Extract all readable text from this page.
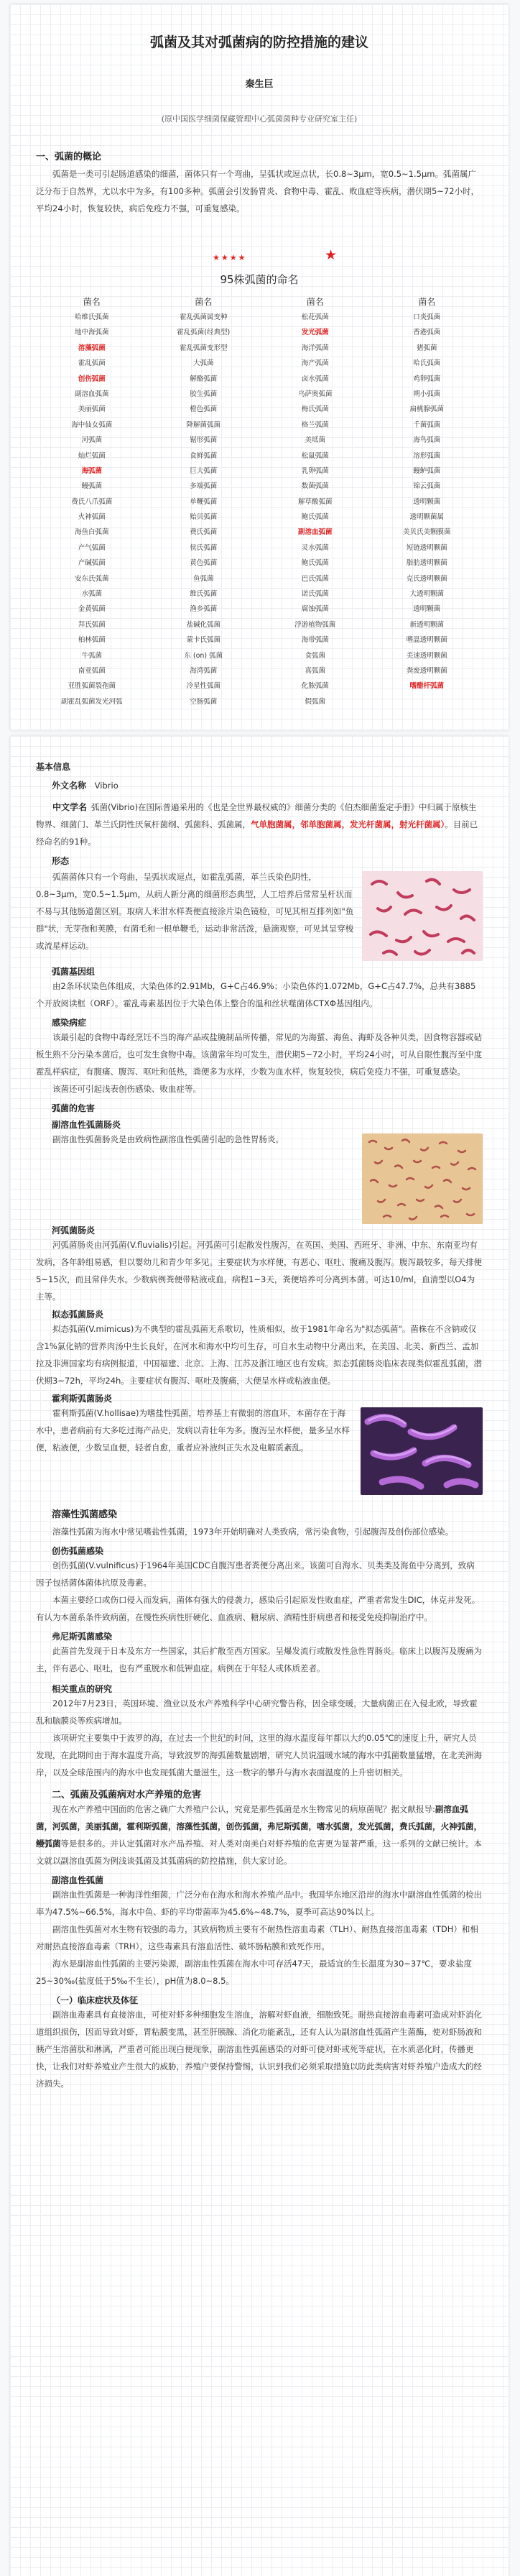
弧菌及其对弧菌病的防控措施的建议

秦生巨

(原中国医学细菌保藏管理中心弧菌菌种专业研究室主任)

一、弧菌的概论

弧菌是一类可引起肠道感染的细菌，菌体只有一个弯曲，呈弧状或逗点状，长0.8~3μm，宽0.5~1.5μm。弧菌属广泛分布于自然界，尤以水中为多，有100多种。弧菌会引发肠胃炎、食物中毒、霍乱、败血症等疾病，潜伏期5~72小时，平均24小时，恢复较快，病后免疫力不强，可重复感染。

★★★★	★

95株弧菌的命名

菌名	菌名	菌名	菌名
哈维氏弧菌	霍乱弧菌属变种	松花弧菌	口炎弧菌
地中海弧菌	霍乱弧菌(经典型)	发光弧菌	香港弧菌
溶藻弧菌	霍乱弧菌变形型	海洋弧菌	猪弧菌
霍乱弧菌	大弧菌	海产弧菌	哈氏弧菌
创伤弧菌	解酪弧菌	卤水弧菌	鸡卵弧菌
副溶血弧菌	胶生弧菌	乌萨奥弧菌	朔小弧菌
美丽弧菌	橙色弧菌	梅氏弧菌	扁桃腺弧菌
海中仙女弧菌	降解菌弧菌	格兰弧菌	千菌弧菌
河弧菌	锯形弧菌	美坻菌	海鸟弧菌
灿烂弧菌	食鲜弧菌	松鼠弧菌	溶形弧菌
海弧菌	巨大弧菌	乳卵弧菌	鳗鲈弧菌
鳗弧菌	多端弧菌	数菌弧菌	锦云弧菌
费氏八爪弧菌	单鞭弧菌	解草酸弧菌	透明颗菌
火神弧菌	贻贝弧菌	鲍氏弧菌	透明颗菌属
海鱼白弧菌	费氏弧菌	副溶血弧菌	美贝氏美颗膜菌
产气弧菌	侯氏弧菌	灵水弧菌	短链透明颗菌
产碱弧菌	黄色弧菌	鲍氏弧菌	脂肪透明颗菌
安东氏弧菌	鱼弧菌	巴氏弧菌	克氏透明颗菌
水弧菌	维氏弧菌	诺氏弧菌	大透明颗菌
金黄弧菌	渔乡弧菌	腐蚀弧菌	透明颗菌
拜氏弧菌	盐碱化弧菌	浮游植物弧菌	新透明颗菌
柏林弧菌	蒙卡氏弧菌	海带弧菌	嗜温透明颗菌
牛弧菌	东 (on) 弧菌	食弧菌	美速透明颗菌
南亚弧菌	海湾弧菌	真弧菌	粪废透明颗菌
亚胜弧菌裂孢菌	冷星性弧菌	化脓弧菌	嗜醋杆弧菌
副霍乱弧菌发光河弧	空肠弧菌	假弧菌

基本信息

外文名称 Vibrio

中文学名 弧菌(Vibrio)在国际普遍采用的《也是全世界最权威的》细菌分类的《伯杰细菌鉴定手册》中归属于原核生物界、细菌门、革兰氏阴性厌氧杆菌纲、弧菌科、弧菌属，气单胞菌属，邻单胞菌属，发光杆菌属，射光杆菌属）。目前已经命名的91种。

形态

弧菌菌体只有一个弯曲，呈弧状或逗点，如霍乱弧菌，革兰氏染色阴性，0.8~3μm，宽0.5~1.5μm，从病人新分离的细菌形态典型，人工培养后常常呈杆状而不易与其他肠道菌区别。取病人米泔水样粪便直接涂片染色镜检，可见其相互排列如"鱼群"状，无芽孢和荚膜，有菌毛和一根单鞭毛，运动非常活泼，悬滴观察，可见其呈穿梭或流星样运动。

弧菌基因组

由2条环状染色体组成，大染色体约2.91Mb，G+C占46.9%；小染色体约1.072Mb，G+C占47.7%，总共有3885个开放阅读框（ORF）。霍乱毒素基因位于大染色体上整合的温和丝状噬菌体CTXΦ基因组内。

感染病症

该最引起的食物中毒经烹饪不当的海产品或盐腌制品所传播，常见的为海蜇、海鱼、海虾及各种贝类，因食物容器或砧板生熟不分污染本菌后，也可发生食物中毒。该菌常年均可发生，潜伏期5~72小时，平均24小时，可从自限性腹泻至中度霍乱样病症，有腹痛、腹泻、呕吐和低热，粪便多为水样，少数为血水样，恢复较快，病后免疫力不强，可重复感染。

该菌还可引起浅表创伤感染、败血症等。

弧菌的危害

副溶血性弧菌肠炎

副溶血性弧菌肠炎是由致病性副溶血性弧菌引起的急性胃肠炎。

河弧菌肠炎

河弧菌肠炎由河弧菌(V.fluvialis)引起。河弧菌可引起散发性腹泻，在英国、美国、西班牙、非洲、中东、东南亚均有发病，各年龄组易感，但以婴幼儿和青少年多见。主要症状为水样便，有恶心、呕吐、腹痛及腹泻。腹泻最较多，每天排便5~15次，而且常伴失水。少数病例粪便带粘液或血，病程1~3天，粪便培养可分离到本菌。可达10/ml，血清型以O4为主等。

拟态弧菌肠炎

拟态弧菌(V.mimicus)为不典型的霍乱弧菌无系歌切，性质相似，故于1981年命名为"拟态弧菌"。菌株在不含钠或仅含1%氯化钠的营养肉汤中生长良好，在河水和海水中均可生存，可自水生动物中分离出来，在美国、北美、新西兰、孟加拉及非洲国家均有病例报道，中国福建、北京、上海、江苏及浙江地区也有发病。拟态弧菌肠炎临床表现类似霍乱弧菌，潜伏期3~72h，平均24h。主要症状有腹泻、呕吐及腹痛，大便呈水样或粘液血便。

霍利斯弧菌肠炎

霍利斯弧菌(V.hollisae)为嗜盐性弧菌，培养基上有微弱的溶血环，本菌存在于海水中，患者病前有大多吃过海产品史，发病以青壮年为多。腹泻呈水样便，量多呈水样便，粘液便，少数呈血便，轻者自愈，重者应补液纠正失水及电解质紊乱。

溶藻性弧菌感染

溶藻性弧菌为海水中常见嗜盐性弧菌，1973年开始明确对人类致病，常污染食物，引起腹泻及创伤部位感染。

创伤弧菌感染

创伤弧菌(V.vulnificus)于1964年美国CDC自腹泻患者粪便分离出来。该菌可自海水、贝类类及海鱼中分离到，致病因子包括菌体菌体抗原及毒素。

本菌主要经口或伤口侵入而发病，菌体有强大的侵袭力，感染后引起原发性败血症，严重者常发生DIC，休克并发死。有认为本菌系条件致病菌，在慢性疾病性肝硬化、血液病、糖尿病、酒精性肝病患者和接受免疫抑制治疗中。

弗尼斯弧菌感染

此菌首先发现于日本及东方一些国家，其后扩散至西方国家。呈爆发流行或散发性急性胃肠炎。临床上以腹泻及腹痛为主，伴有恶心、呕吐，也有严重脱水和低钾血症。病例在于年轻人或体质差者。

相关重点的研究

2012年7月23日，英国环境、渔业以及水产养殖科学中心研究警告称，因全球变暖，大量病菌正在入侵北欧，导致霍乱和脑膜炎等疾病增加。

该项研究主要集中于波罗的海，在过去一个世纪的时间，这里的海水温度每年都以大约0.05℃的速度上升，研究人员发现，在此期间由于海水温度升高，导致波罗的海弧菌数量剧增，研究人员说温暖水域的海水中弧菌数量猛增，在北美洲海岸，以及全球范围内的海水中也发现弧菌大量滋生，这一数字的攀升与海水表面温度的上升密切相关。

二、弧菌及弧菌病对水产养殖的危害

现在水产养殖中国面的危害之确广大养殖户公认，究竟是那些弧菌是水生物常见的病原菌呢？据文献报导:副溶血弧菌，河弧菌，美丽弧菌，霍利斯弧菌，溶藻性弧菌，创伤弧菌，弗尼斯弧菌，嗜水弧菌，发光弧菌，费氏弧菌，火神弧菌，鳗弧菌等是很多的。并认定弧菌对水产品养殖、对人类对南美白对虾养殖的危害更为显著严重，这一系列的文献已统计。本文就以副溶血弧菌为例浅谈弧菌及其弧菌病的防控措施，供大家讨论。

副溶血性弧菌

副溶血性弧菌是一种海洋性细菌，广泛分布在海水和海水养殖产品中。我国华东地区沿岸的海水中副溶血性弧菌的检出率为47.5%~66.5%，海水中鱼、虾的平均带菌率为45.6%~48.7%，夏季可高达90%以上。

副溶血性弧菌对水生物有较强的毒力，其致病物质主要有不耐热性溶血毒素（TLH）、耐热直接溶血毒素（TDH）和相对耐热直接溶血毒素（TRH），这些毒素具有溶血活性、破坏肠粘膜和致死作用。

海水是副溶血性弧菌的主要污染源，副溶血性弧菌在海水中可存活47天，最适宜的生长温度为30~37℃，要求盐度25~30‰(盐度低于5‰不生长），pH值为8.0~8.5。

（一）临床症状及体征

副溶血毒素具有直接溶血，可使对虾多种细胞发生溶血，溶解对虾血液，细胞致死。耐热直接溶血毒素可造成对虾消化道组织损伤，因而导致对虾，胃粘膜变黑，甚至肝胰腺、消化功能紊乱，还有人认为副溶血性弧菌产生菌酶，使对虾肠液和胰产生溶菌肽和淋漓，严重者可能出现白便现象，副溶血性弧菌感染的对虾可使对虾或死等症状，在水质恶化时，传播更快，让我们对虾养殖业产生很大的威胁，养殖户要保持警惕，认识到我们必须采取措施以防此类病害对虾养殖户造成大的经济损失。
